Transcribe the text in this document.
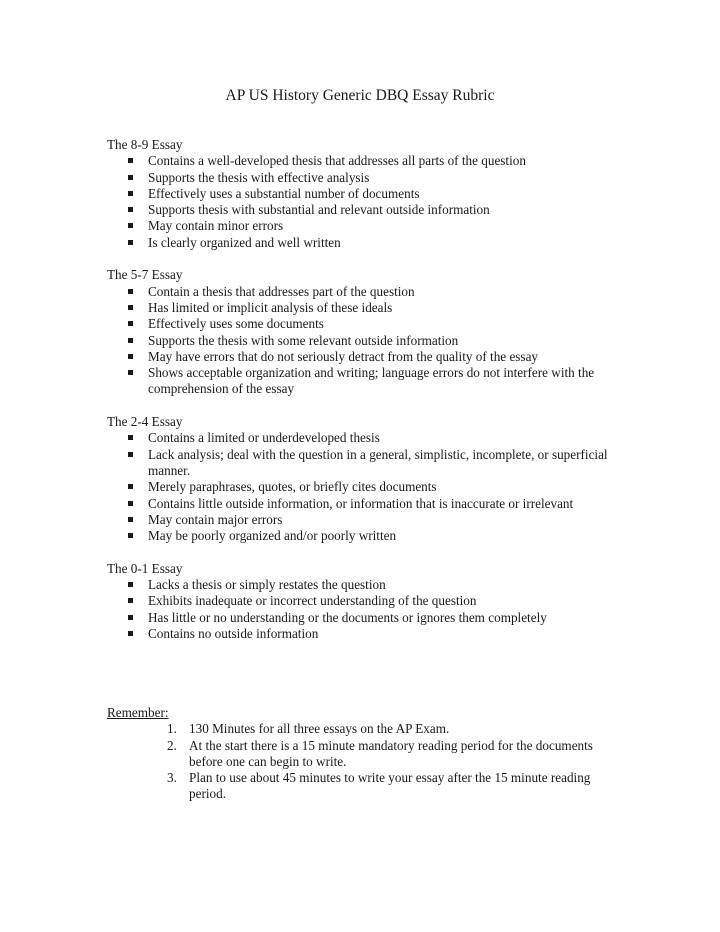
AP US History Generic DBQ Essay Rubric

The 8-9 Essay

Contains a well-developed thesis that addresses all parts of the question
Supports the thesis with effective analysis
Effectively uses a substantial number of documents
Supports thesis with substantial and relevant outside information
May contain minor errors
Is clearly organized and well written

The 5-7 Essay

Contain a thesis that addresses part of the question
Has limited or implicit analysis of these ideals
Effectively uses some documents
Supports the thesis with some relevant outside information
May have errors that do not seriously detract from the quality of the essay
Shows acceptable organization and writing; language errors do not interfere with the comprehension of the essay

The 2-4 Essay

Contains a limited or underdeveloped thesis
Lack analysis; deal with the question in a general, simplistic, incomplete, or superficial manner.
Merely paraphrases, quotes, or briefly cites documents
Contains little outside information, or information that is inaccurate or irrelevant
May contain major errors
May be poorly organized and/or poorly written

The 0-1 Essay

Lacks a thesis or simply restates the question
Exhibits inadequate or incorrect understanding of the question
Has little or no understanding or the documents or ignores them completely
Contains no outside information

Remember:

1. 130 Minutes for all three essays on the AP Exam.
2. At the start there is a 15 minute mandatory reading period for the documents before one can begin to write.
3. Plan to use about 45 minutes to write your essay after the 15 minute reading period.
